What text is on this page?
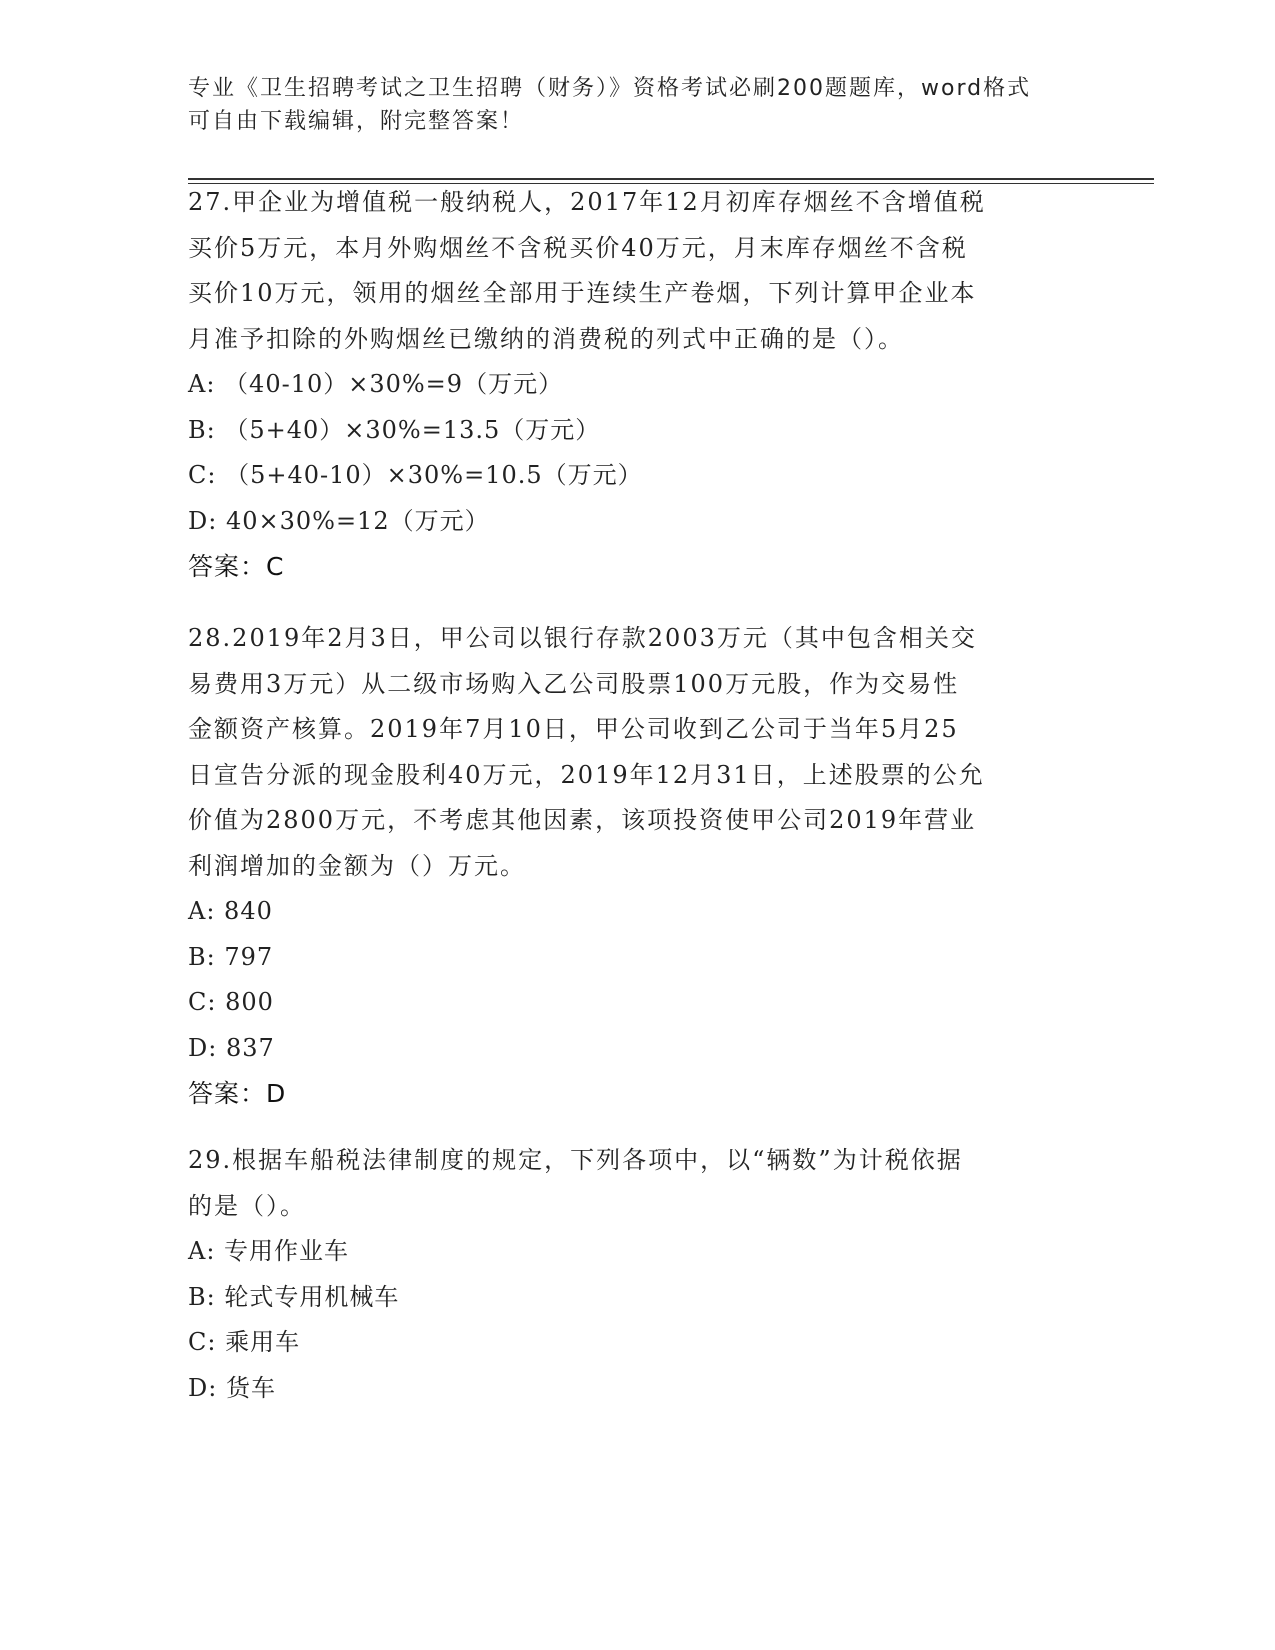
专业《卫生招聘考试之卫生招聘（财务）》资格考试必刷200题题库，word格式
可自由下载编辑，附完整答案！
27.甲企业为增值税一般纳税人，2017年12月初库存烟丝不含增值税
买价5万元，本月外购烟丝不含税买价40万元，月末库存烟丝不含税
买价10万元，领用的烟丝全部用于连续生产卷烟，下列计算甲企业本
月准予扣除的外购烟丝已缴纳的消费税的列式中正确的是（）。
A: （40-10）×30%=9（万元）
B: （5+40）×30%=13.5（万元）
C: （5+40-10）×30%=10.5（万元）
D: 40×30%=12（万元）
答案：C
28.2019年2月3日，甲公司以银行存款2003万元（其中包含相关交
易费用3万元）从二级市场购入乙公司股票100万元股，作为交易性
金额资产核算。2019年7月10日，甲公司收到乙公司于当年5月25
日宣告分派的现金股利40万元，2019年12月31日，上述股票的公允
价值为2800万元，不考虑其他因素，该项投资使甲公司2019年营业
利润增加的金额为（）万元。
A: 840
B: 797
C: 800
D: 837
答案：D
29.根据车船税法律制度的规定，下列各项中，以“辆数”为计税依据
的是（）。
A: 专用作业车
B: 轮式专用机械车
C: 乘用车
D: 货车
